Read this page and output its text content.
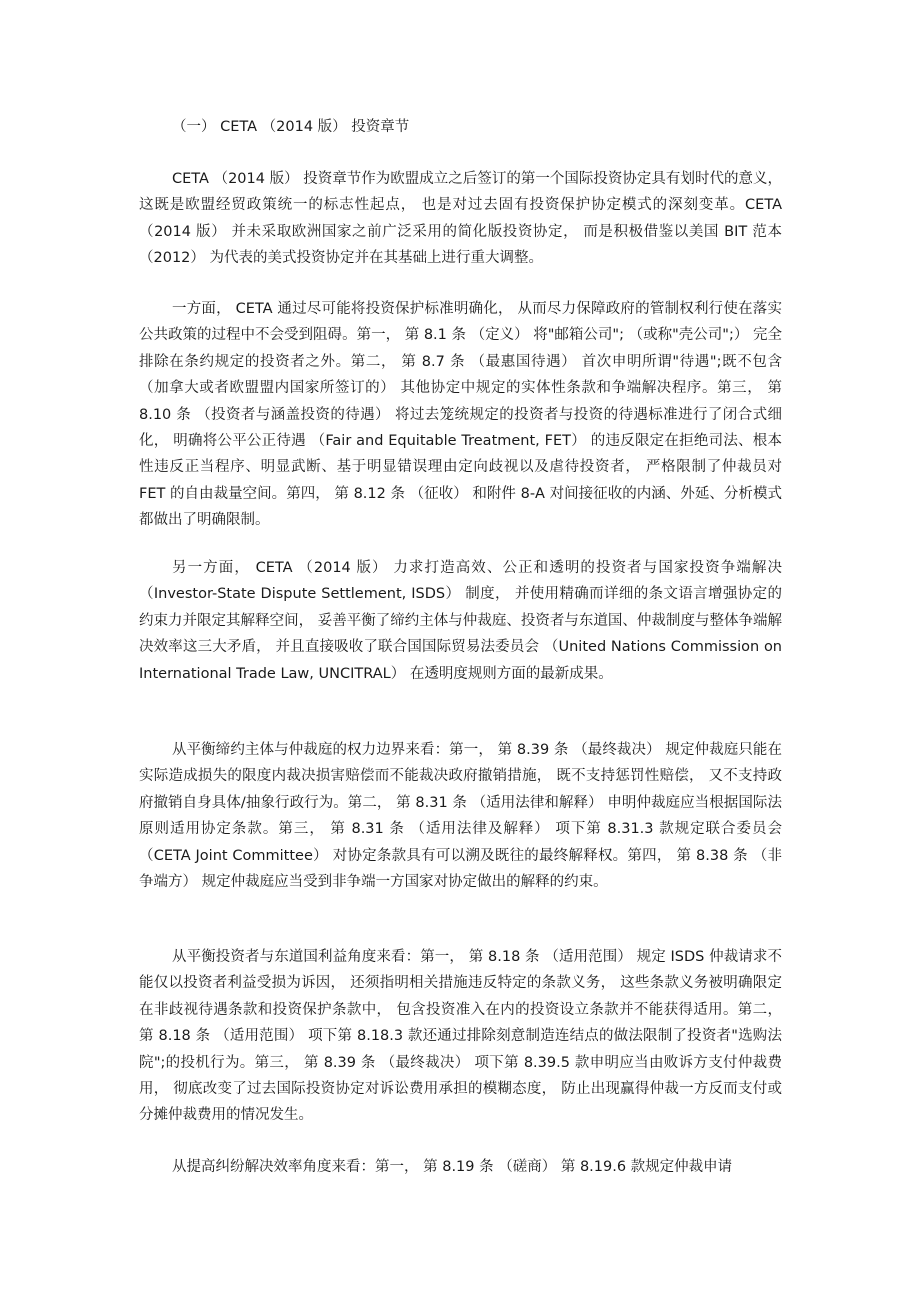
（一） CETA （2014 版） 投资章节

CETA （2014 版） 投资章节作为欧盟成立之后签订的第一个国际投资协定具有划时代的意义， 这既是欧盟经贸政策统一的标志性起点， 也是对过去固有投资保护协定模式的深刻变革。CETA （2014 版） 并未采取欧洲国家之前广泛采用的简化版投资协定， 而是积极借鉴以美国 BIT 范本 （2012） 为代表的美式投资协定并在其基础上进行重大调整。

一方面， CETA 通过尽可能将投资保护标准明确化， 从而尽力保障政府的管制权利行使在落实公共政策的过程中不会受到阻碍。第一， 第 8.1 条 （定义） 将"邮箱公司"; （或称"壳公司";） 完全排除在条约规定的投资者之外。第二， 第 8.7 条 （最惠国待遇） 首次申明所谓"待遇";既不包含 （加拿大或者欧盟盟内国家所签订的） 其他协定中规定的实体性条款和争端解决程序。第三， 第 8.10 条 （投资者与涵盖投资的待遇） 将过去笼统规定的投资者与投资的待遇标准进行了闭合式细化， 明确将公平公正待遇 （Fair and Equitable Treatment, FET） 的违反限定在拒绝司法、根本性违反正当程序、明显武断、基于明显错误理由定向歧视以及虐待投资者， 严格限制了仲裁员对 FET 的自由裁量空间。第四， 第 8.12 条 （征收） 和附件 8-A 对间接征收的内涵、外延、分析模式都做出了明确限制。

另一方面， CETA （2014 版） 力求打造高效、公正和透明的投资者与国家投资争端解决 （Investor-State Dispute Settlement, ISDS） 制度， 并使用精确而详细的条文语言增强协定的约束力并限定其解释空间， 妥善平衡了缔约主体与仲裁庭、投资者与东道国、仲裁制度与整体争端解决效率这三大矛盾， 并且直接吸收了联合国国际贸易法委员会 （United Nations Commission on International Trade Law, UNCITRAL） 在透明度规则方面的最新成果。

从平衡缔约主体与仲裁庭的权力边界来看：第一， 第 8.39 条 （最终裁决） 规定仲裁庭只能在实际造成损失的限度内裁决损害赔偿而不能裁决政府撤销措施， 既不支持惩罚性赔偿， 又不支持政府撤销自身具体/抽象行政行为。第二， 第 8.31 条 （适用法律和解释） 申明仲裁庭应当根据国际法原则适用协定条款。第三， 第 8.31 条 （适用法律及解释） 项下第 8.31.3 款规定联合委员会 （CETA Joint Committee） 对协定条款具有可以溯及既往的最终解释权。第四， 第 8.38 条 （非争端方） 规定仲裁庭应当受到非争端一方国家对协定做出的解释的约束。

从平衡投资者与东道国利益角度来看：第一， 第 8.18 条 （适用范围） 规定 ISDS 仲裁请求不能仅以投资者利益受损为诉因， 还须指明相关措施违反特定的条款义务， 这些条款义务被明确限定在非歧视待遇条款和投资保护条款中， 包含投资准入在内的投资设立条款并不能获得适用。第二， 第 8.18 条 （适用范围） 项下第 8.18.3 款还通过排除刻意制造连结点的做法限制了投资者"选购法院";的投机行为。第三， 第 8.39 条 （最终裁决） 项下第 8.39.5 款申明应当由败诉方支付仲裁费用， 彻底改变了过去国际投资协定对诉讼费用承担的模糊态度， 防止出现赢得仲裁一方反而支付或分摊仲裁费用的情况发生。

从提高纠纷解决效率角度来看：第一， 第 8.19 条 （磋商） 第 8.19.6 款规定仲裁申请
